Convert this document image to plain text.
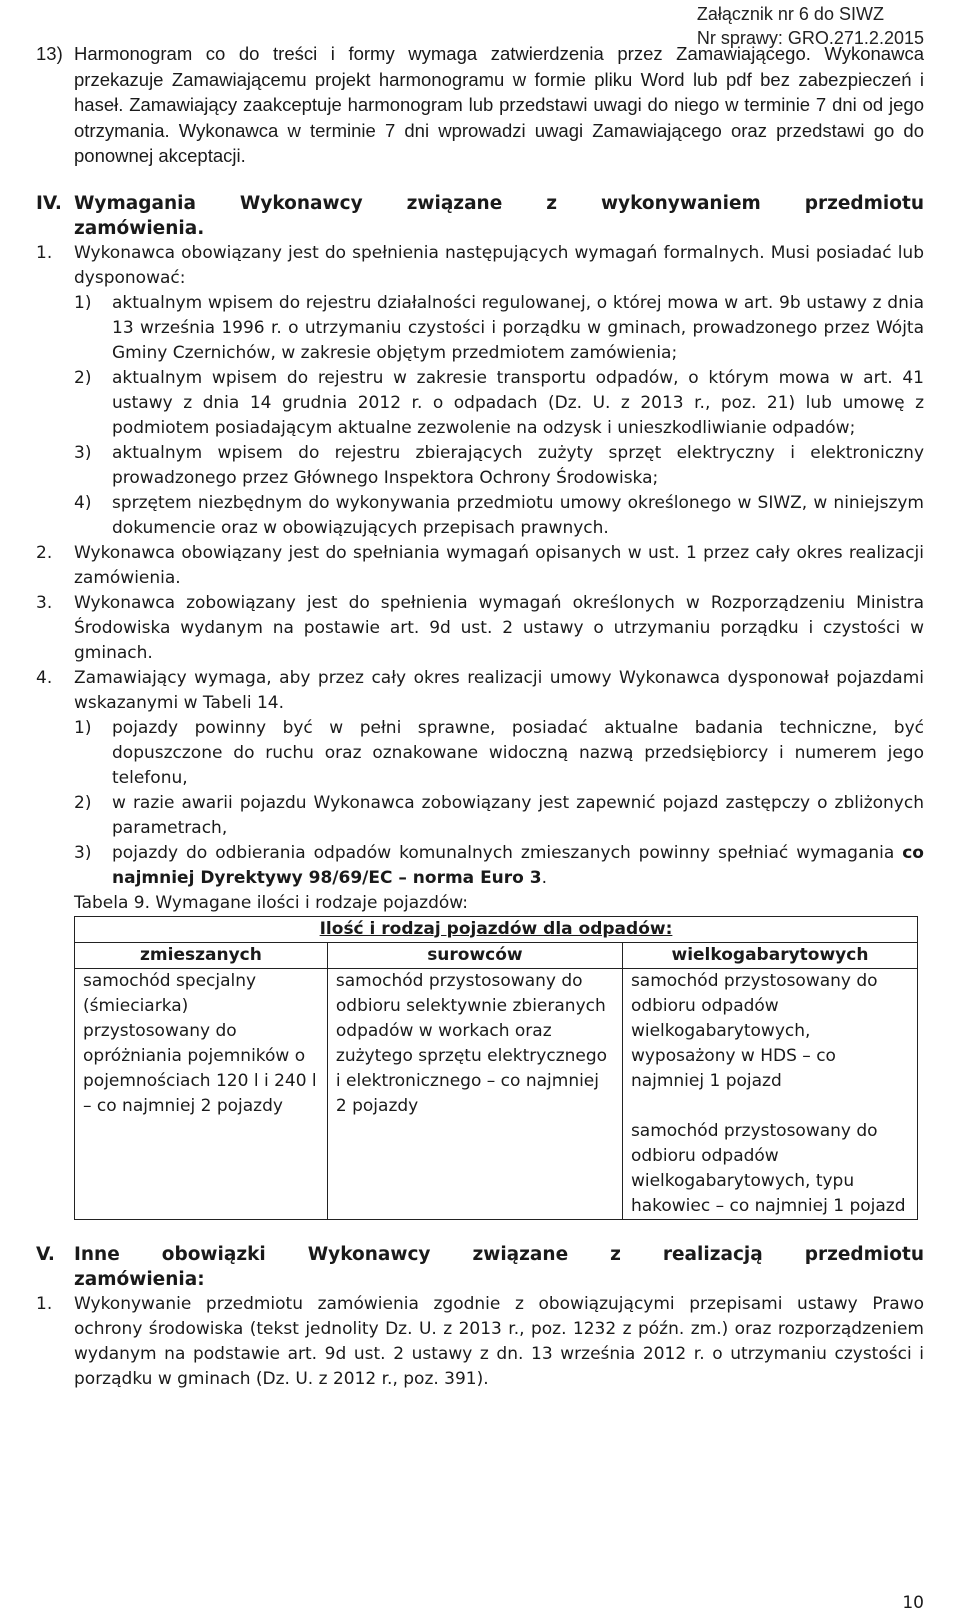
Załącznik nr 6 do SIWZ
Nr sprawy: GRO.271.2.2015
13) Harmonogram co do treści i formy wymaga zatwierdzenia przez Zamawiającego. Wykonawca przekazuje Zamawiającemu projekt harmonogramu w formie pliku Word lub pdf bez zabezpieczeń i haseł. Zamawiający zaakceptuje harmonogram lub przedstawi uwagi do niego w terminie 7 dni od jego otrzymania. Wykonawca w terminie 7 dni wprowadzi uwagi Zamawiającego oraz przedstawi go do ponownej akceptacji.
IV. Wymagania Wykonawcy związane z wykonywaniem przedmiotu
zamówienia.
1.	Wykonawca obowiązany jest do spełnienia następujących wymagań formalnych. Musi posiadać lub dysponować:
1)	aktualnym wpisem do rejestru działalności regulowanej, o której mowa w art. 9b ustawy z dnia 13 września 1996 r. o utrzymaniu czystości i porządku w gminach, prowadzonego przez Wójta Gminy Czernichów, w zakresie objętym przedmiotem zamówienia;
2)	aktualnym wpisem do rejestru w zakresie transportu odpadów, o którym mowa w art. 41 ustawy z dnia 14 grudnia 2012 r. o odpadach (Dz. U. z 2013 r., poz. 21) lub umowę z podmiotem posiadającym aktualne zezwolenie na odzysk i unieszkodliwianie odpadów;
3)	aktualnym wpisem do rejestru zbierających zużyty sprzęt elektryczny i elektroniczny prowadzonego przez Głównego Inspektora Ochrony Środowiska;
4)	sprzętem niezbędnym do wykonywania przedmiotu umowy określonego w SIWZ, w niniejszym dokumencie oraz w obowiązujących przepisach prawnych.
2.	Wykonawca obowiązany jest do spełniania wymagań opisanych w ust. 1 przez cały okres realizacji zamówienia.
3.	Wykonawca zobowiązany jest do spełnienia wymagań określonych w Rozporządzeniu Ministra Środowiska wydanym na postawie art. 9d ust. 2 ustawy o utrzymaniu porządku i czystości w gminach.
4.	Zamawiający wymaga, aby przez cały okres realizacji umowy Wykonawca dysponował pojazdami wskazanymi w Tabeli 14.
1)	pojazdy powinny być w pełni sprawne, posiadać aktualne badania techniczne, być dopuszczone do ruchu oraz oznakowane widoczną nazwą przedsiębiorcy i numerem jego telefonu,
2)	w razie awarii pojazdu Wykonawca zobowiązany jest zapewnić pojazd zastępczy o zbliżonych parametrach,
3)	pojazdy do odbierania odpadów komunalnych zmieszanych powinny spełniać wymagania co najmniej Dyrektywy 98/69/EC – norma Euro 3.
Tabela 9. Wymagane ilości i rodzaje pojazdów:
Ilość i rodzaj pojazdów dla odpadów:		
zmieszanych	surowców	wielkogabarytowych

samochód specjalny (śmieciarka) przystosowany do opróżniania pojemników o pojemnościach 120 l i 240 l – co najmniej 2 pojazdy	samochód przystosowany do odbioru selektywnie zbieranych odpadów w workach oraz zużytego sprzętu elektrycznego i elektronicznego – co najmniej 2 pojazdy	samochód przystosowany do odbioru odpadów wielkogabarytowych, wyposażony w HDS – co najmniej 1 pojazd
samochód przystosowany do odbioru odpadów wielkogabarytowych, typu hakowiec – co najmniej 1 pojazd
V.	Inne obowiązki Wykonawcy związane z realizacją przedmiotu
zamówienia:
1.	Wykonywanie przedmiotu zamówienia zgodnie z obowiązującymi przepisami ustawy Prawo ochrony środowiska (tekst jednolity Dz. U. z 2013 r., poz. 1232 z późn. zm.) oraz rozporządzeniem wydanym na podstawie art. 9d ust. 2 ustawy z dn. 13 września 2012 r. o utrzymaniu czystości i porządku w gminach (Dz. U. z 2012 r., poz. 391).
10
